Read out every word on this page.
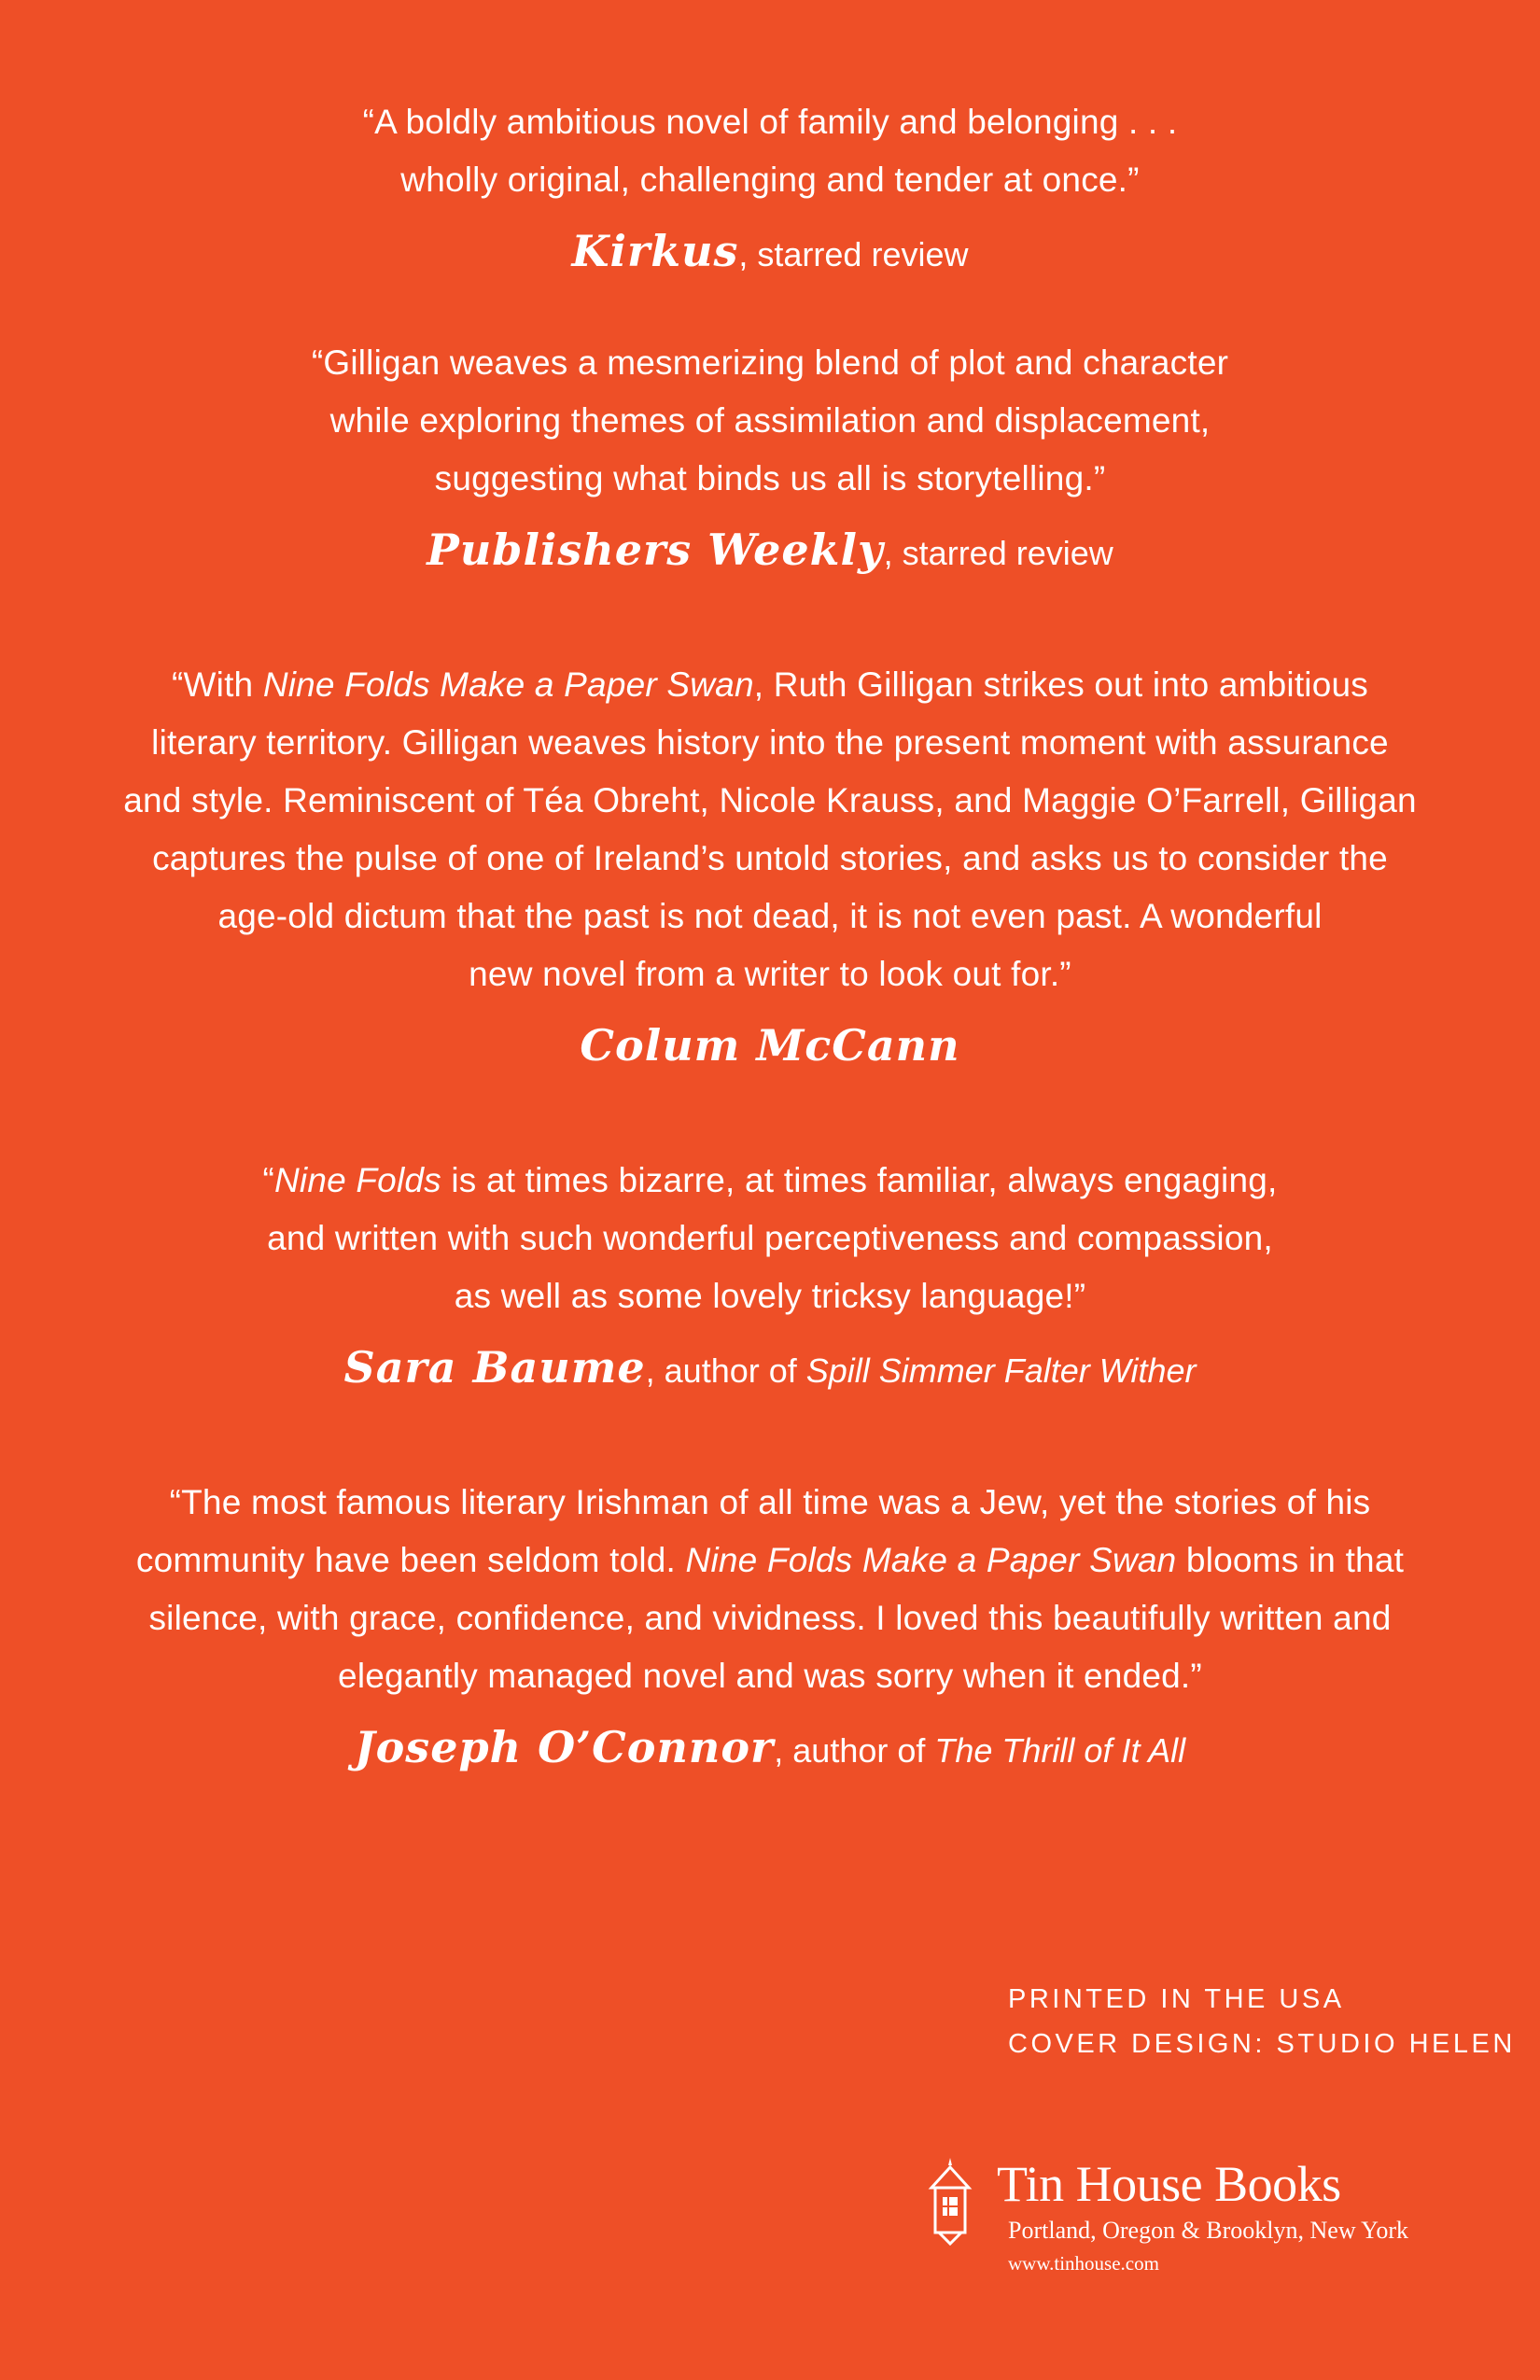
“A boldly ambitious novel of family and belonging . . .
wholly original, challenging and tender at once.”

Kirkus, starred review

“Gilligan weaves a mesmerizing blend of plot and character
while exploring themes of assimilation and displacement,
suggesting what binds us all is storytelling.”

Publishers Weekly, starred review

“With Nine Folds Make a Paper Swan, Ruth Gilligan strikes out into ambitious
literary territory. Gilligan weaves history into the present moment with assurance
and style. Reminiscent of Téa Obreht, Nicole Krauss, and Maggie O’Farrell, Gilligan
captures the pulse of one of Ireland’s untold stories, and asks us to consider the
age-old dictum that the past is not dead, it is not even past. A wonderful
new novel from a writer to look out for.”

Colum McCann

“Nine Folds is at times bizarre, at times familiar, always engaging,
and written with such wonderful perceptiveness and compassion,
as well as some lovely tricksy language!”

Sara Baume, author of Spill Simmer Falter Wither

“The most famous literary Irishman of all time was a Jew, yet the stories of his
community have been seldom told. Nine Folds Make a Paper Swan blooms in that
silence, with grace, confidence, and vividness. I loved this beautifully written and
elegantly managed novel and was sorry when it ended.”

Joseph O’Connor, author of The Thrill of It All

PRINTED IN THE USA
COVER DESIGN: STUDIO HELEN
Tin House Books
Portland, Oregon & Brooklyn, New York
www.tinhouse.com
